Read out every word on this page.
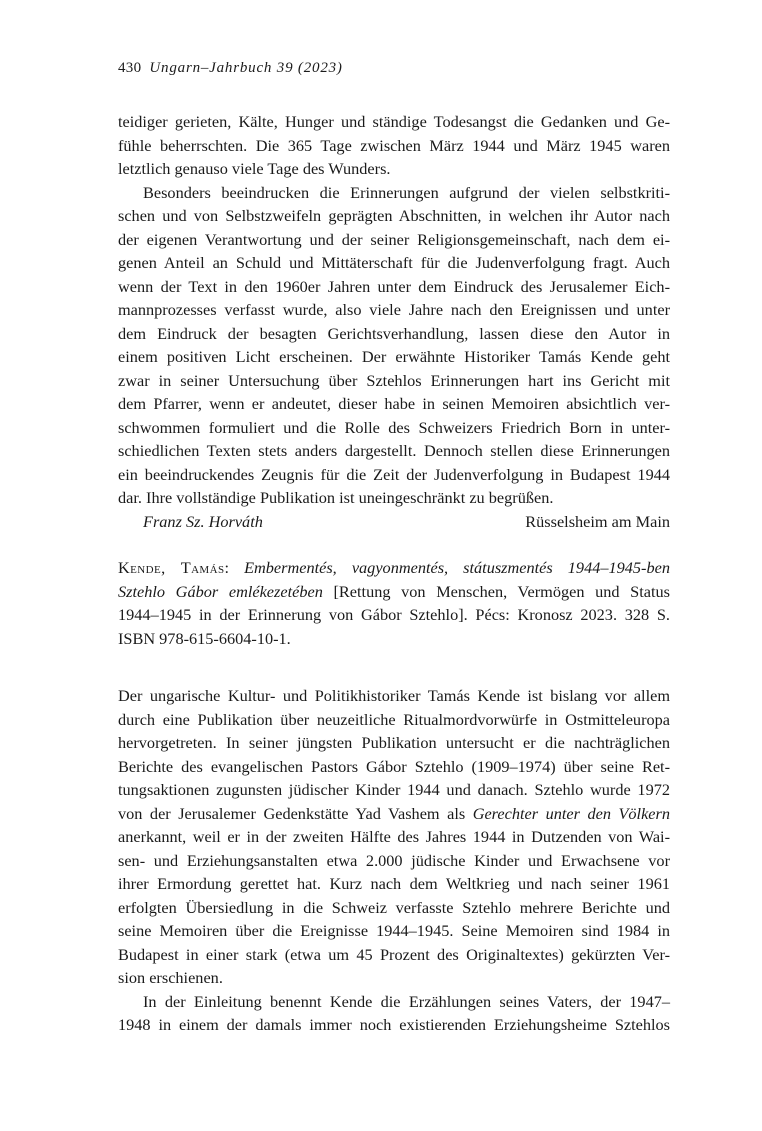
430 Ungarn–Jahrbuch 39 (2023)
teidiger gerieten, Kälte, Hunger und ständige Todesangst die Gedanken und Ge-
fühle beherrschten. Die 365 Tage zwischen März 1944 und März 1945 waren
letztlich genauso viele Tage des Wunders.
Besonders beeindrucken die Erinnerungen aufgrund der vielen selbstkriti-
schen und von Selbstzweifeln geprägten Abschnitten, in welchen ihr Autor nach
der eigenen Verantwortung und der seiner Religionsgemeinschaft, nach dem ei-
genen Anteil an Schuld und Mittäterschaft für die Judenverfolgung fragt. Auch
wenn der Text in den 1960er Jahren unter dem Eindruck des Jerusalemer Eich-
mannprozesses verfasst wurde, also viele Jahre nach den Ereignissen und unter
dem Eindruck der besagten Gerichtsverhandlung, lassen diese den Autor in
einem positiven Licht erscheinen. Der erwähnte Historiker Tamás Kende geht
zwar in seiner Untersuchung über Sztehlos Erinnerungen hart ins Gericht mit
dem Pfarrer, wenn er andeutet, dieser habe in seinen Memoiren absichtlich ver-
schwommen formuliert und die Rolle des Schweizers Friedrich Born in unter-
schiedlichen Texten stets anders dargestellt. Dennoch stellen diese Erinnerungen
ein beeindruckendes Zeugnis für die Zeit der Judenverfolgung in Budapest 1944
dar. Ihre vollständige Publikation ist uneingeschränkt zu begrüßen.
Franz Sz. Horváth	Rüsselsheim am Main
Kende, Tamás: Embermentés, vagyonmentés, státuszmentés 1944–1945-ben
Sztehlo Gábor emlékezetében [Rettung von Menschen, Vermögen und Status
1944–1945 in der Erinnerung von Gábor Sztehlo]. Pécs: Kronosz 2023. 328 S.
ISBN 978-615-6604-10-1.
Der ungarische Kultur- und Politikhistoriker Tamás Kende ist bislang vor allem
durch eine Publikation über neuzeitliche Ritualmordvorwürfe in Ostmitteleuropa
hervorgetreten. In seiner jüngsten Publikation untersucht er die nachträglichen
Berichte des evangelischen Pastors Gábor Sztehlo (1909–1974) über seine Ret-
tungsaktionen zugunsten jüdischer Kinder 1944 und danach. Sztehlo wurde 1972
von der Jerusalemer Gedenkstätte Yad Vashem als Gerechter unter den Völkern
anerkannt, weil er in der zweiten Hälfte des Jahres 1944 in Dutzenden von Wai-
sen- und Erziehungsanstalten etwa 2.000 jüdische Kinder und Erwachsene vor
ihrer Ermordung gerettet hat. Kurz nach dem Weltkrieg und nach seiner 1961
erfolgten Übersiedlung in die Schweiz verfasste Sztehlo mehrere Berichte und
seine Memoiren über die Ereignisse 1944–1945. Seine Memoiren sind 1984 in
Budapest in einer stark (etwa um 45 Prozent des Originaltextes) gekürzten Ver-
sion erschienen.
In der Einleitung benennt Kende die Erzählungen seines Vaters, der 1947–
1948 in einem der damals immer noch existierenden Erziehungsheime Sztehlos
